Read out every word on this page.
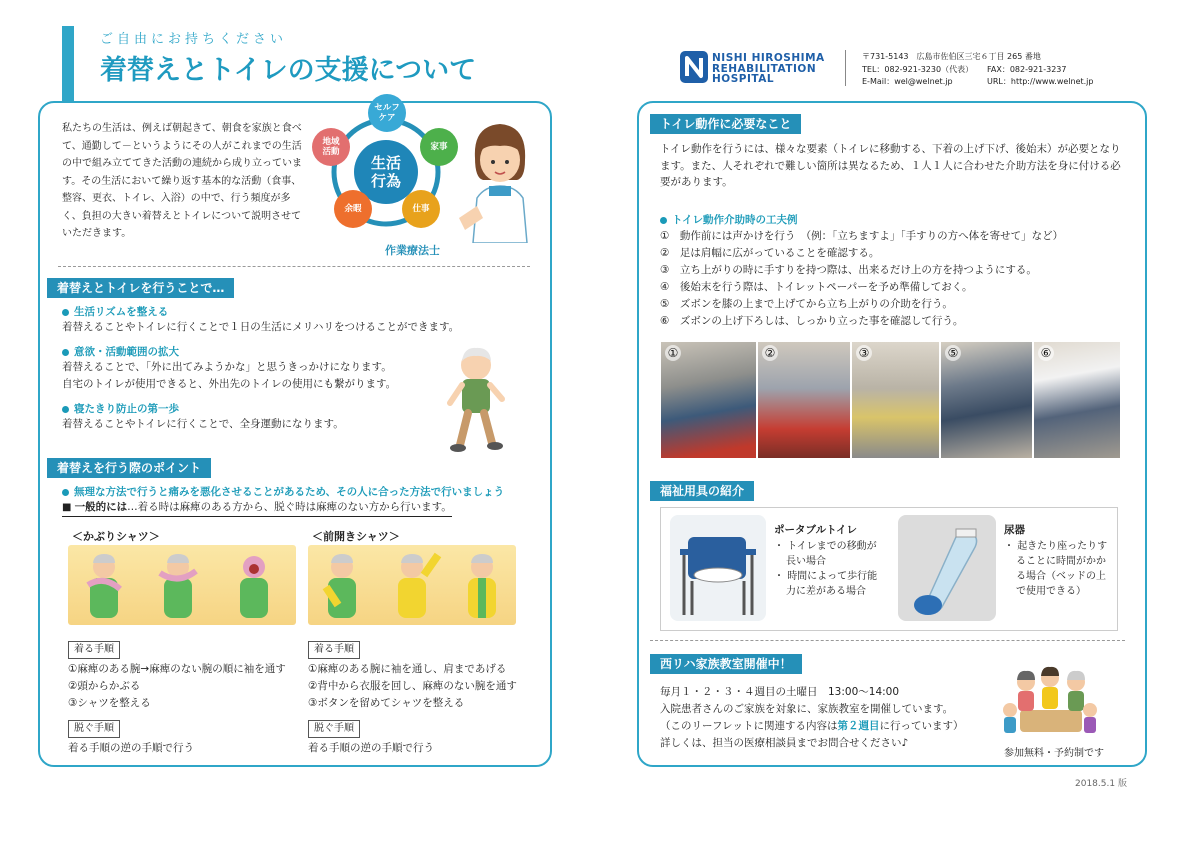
ご自由にお持ちください
着替えとトイレの支援について
私たちの生活は、例えば朝起きて、朝食を家族と食べて、通勤して－というようにその人がこれまでの生活の中で組み立ててきた活動の連続から成り立っています。その生活において繰り返す基本的な活動（食事、整容、更衣、トイレ、入浴）の中で、行う頻度が多く、負担の大きい着替えとトイレについて説明させていただきます。
生活
行為
セルフ
ケア
家事
仕事
余暇
地域
活動
作業療法士
着替えとトイレを行うことで…
生活リズムを整える
着替えることやトイレに行くことで１日の生活にメリハリをつけることができます。
意欲・活動範囲の拡大
着替えることで、「外に出てみようかな」と思うきっかけになります。
自宅のトイレが使用できると、外出先のトイレの使用にも繋がります。
寝たきり防止の第一歩
着替えることやトイレに行くことで、全身運動になります。
着替えを行う際のポイント
無理な方法で行うと痛みを悪化させることがあるため、その人に合った方法で行いましょう
■ 一般的には…着る時は麻痺のある方から、脱ぐ時は麻痺のない方から行います。
＜かぶりシャツ＞
着る手順
①麻痺のある腕→麻痺のない腕の順に袖を通す
②頭からかぶる
③シャツを整える
脱ぐ手順
着る手順の逆の手順で行う
＜前開きシャツ＞
着る手順
①麻痺のある腕に袖を通し、肩まであげる
②背中から衣服を回し、麻痺のない腕を通す
③ボタンを留めてシャツを整える
脱ぐ手順
着る手順の逆の手順で行う
NISHI HIROSHIMA
REHABILITATION
HOSPITAL
〒731-5143　広島市佐伯区三宅６丁目 265 番地
TEL：082-921-3230（代表） FAX：082-921-3237
E-Mail：wel@welnet.jp	URL：http://www.welnet.jp
トイレ動作に必要なこと
トイレ動作を行うには、様々な要素（トイレに移動する、下着の上げ下げ、後始末）が必要となります。また、人それぞれで難しい箇所は異なるため、１人１人に合わせた介助方法を身に付ける必要があります。
トイレ動作介助時の工夫例
①　動作前には声かけを行う　（例：「立ちますよ」「手すりの方へ体を寄せて」など）
②　足は肩幅に広がっていることを確認する。
③　立ち上がりの時に手すりを持つ際は、出来るだけ上の方を持つようにする。
④　後始末を行う際は、トイレットペーパーを予め準備しておく。
⑤　ズボンを膝の上まで上げてから立ち上がりの介助を行う。
⑥　ズボンの上げ下ろしは、しっかり立った事を確認して行う。
①	②	③	⑤	⑥
福祉用具の紹介
ポータブルトイレ
・ トイレまでの移動が長い場合
・ 時間によって歩行能力に差がある場合
尿器
・ 起きたり座ったりすることに時間がかかる場合（ベッドの上で使用できる）
西リハ家族教室開催中！
毎月１・２・３・４週目の土曜日　13:00～14:00
入院患者さんのご家族を対象に、家族教室を開催しています。
（このリーフレットに関連する内容は第２週目に行っています）
詳しくは、担当の医療相談員までお問合せください♪
参加無料・予約制です
2018.5.1 版
